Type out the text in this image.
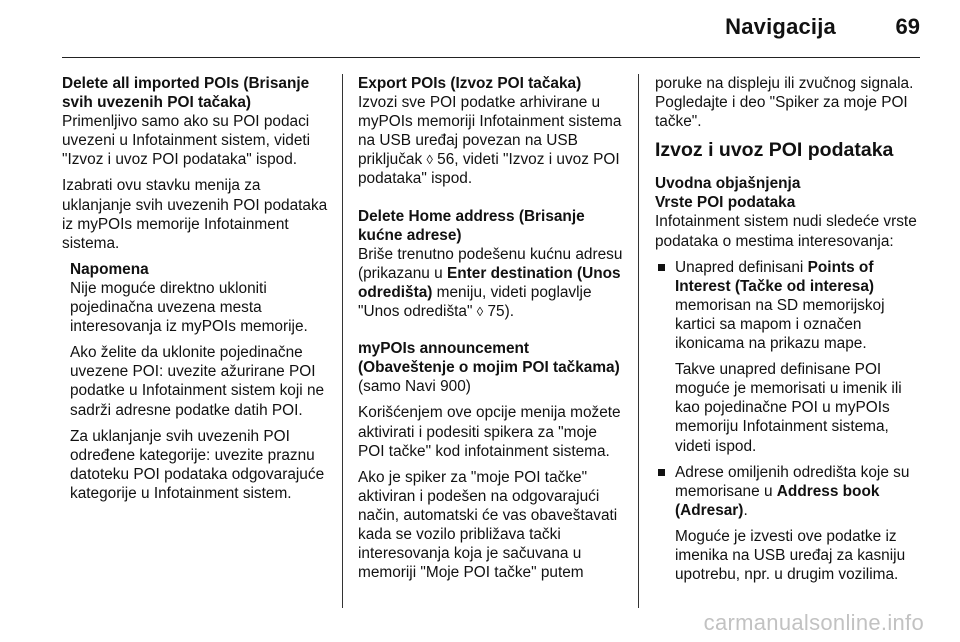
Navigacija	69
Delete all imported POIs (Brisanje
svih uvezenih POI tačaka)

Primenljivo samo ako su POI podaci uvezeni u Infotainment sistem, videti "Izvoz i uvoz POI podataka" ispod.

Izabrati ovu stavku menija za uklanjanje svih uvezenih POI podataka iz myPOIs memorije Infotainment sistema.

Napomena

Nije moguće direktno ukloniti pojedinačna uvezena mesta interesovanja iz myPOIs memorije.

Ako želite da uklonite pojedinačne uvezene POI: uvezite ažurirane POI podatke u Infotainment sistem koji ne sadrži adresne podatke datih POI.

Za uklanjanje svih uvezenih POI određene kategorije: uvezite praznu datoteku POI podataka odgovarajuće kategorije u Infotainment sistem.

Export POIs (Izvoz POI tačaka)

Izvozi sve POI podatke arhivirane u myPOIs memoriji Infotainment sistema na USB uređaj povezan na USB priključak ◊ 56, videti "Izvoz i uvoz POI podataka" ispod.

Delete Home address (Brisanje
kućne adrese)

Briše trenutno podešenu kućnu adresu (prikazanu u Enter destination (Unos odredišta) meniju, videti poglavlje "Unos odredišta" ◊ 75).

myPOIs announcement
(Obaveštenje o mojim POI tačkama)

(samo Navi 900)

Korišćenjem ove opcije menija možete aktivirati i podesiti spikera za "moje POI tačke" kod infotainment sistema.

Ako je spiker za "moje POI tačke" aktiviran i podešen na odgovarajući način, automatski će vas obaveštavati kada se vozilo približava tački interesovanja koja je sačuvana u memoriji "Moje POI tačke" putem

poruke na displeju ili zvučnog signala. Pogledajte i deo "Spiker za moje POI tačke".

Izvoz i uvoz POI podataka
Uvodna objašnjenja
Vrste POI podataka

Infotainment sistem nudi sledeće vrste podataka o mestima interesovanja:

Unapred definisani Points of Interest (Tačke od interesa) memorisan na SD memorijskoj kartici sa mapom i označen ikonicama na prikazu mape.

Takve unapred definisane POI moguće je memorisati u imenik ili kao pojedinačne POI u myPOIs memoriju Infotainment sistema, videti ispod.

Adrese omiljenih odredišta koje su memorisane u Address book (Adresar).

Moguće je izvesti ove podatke iz imenika na USB uređaj za kasniju upotrebu, npr. u drugim vozilima.

carmanualsonline.info
